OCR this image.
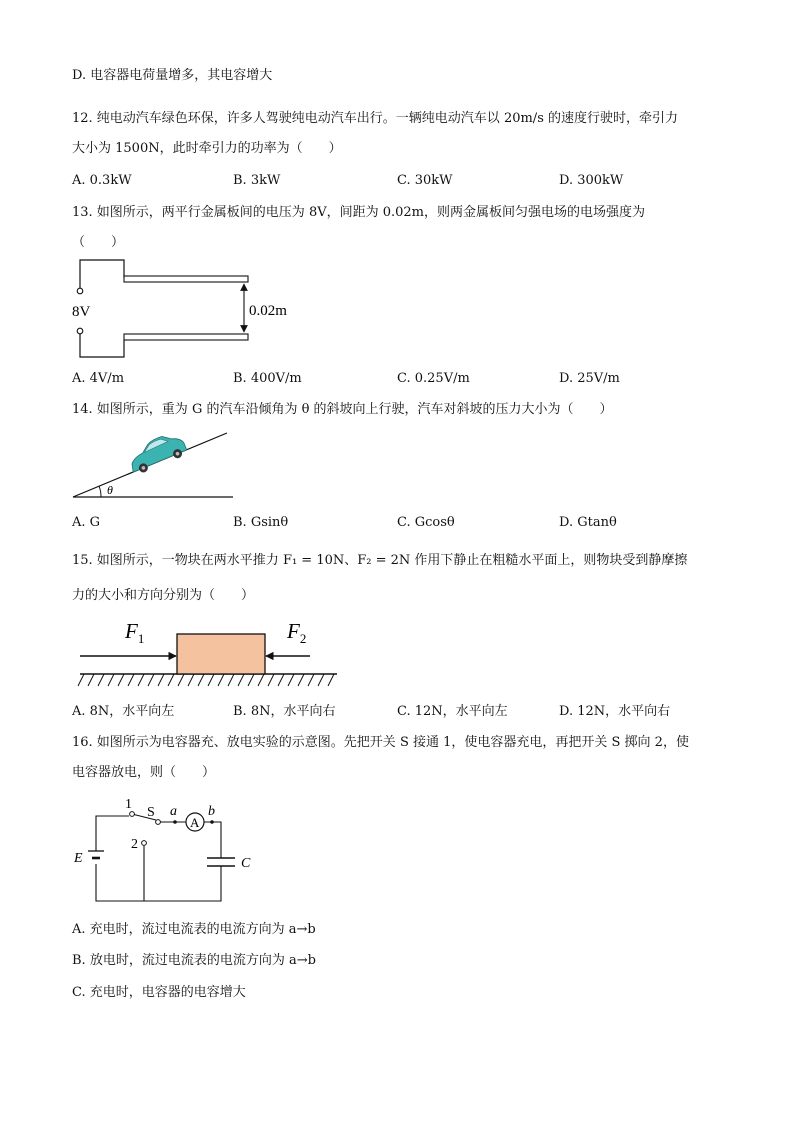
D. 电容器电荷量增多，其电容增大
12. 纯电动汽车绿色环保，许多人驾驶纯电动汽车出行。一辆纯电动汽车以 20m/s 的速度行驶时，牵引力
大小为 1500N，此时牵引力的功率为（　　）
A. 0.3kW	B. 3kW	C. 30kW	D. 300kW
13. 如图所示，两平行金属板间的电压为 8V，间距为 0.02m，则两金属板间匀强电场的电场强度为
（　　）
8V	0.02m
A. 4V/m	B. 400V/m	C. 0.25V/m	D. 25V/m
14. 如图所示，重为 G 的汽车沿倾角为 θ 的斜坡向上行驶，汽车对斜坡的压力大小为（　　）
θ
A. G	B. Gsinθ	C. Gcosθ	D. Gtanθ
15. 如图所示，一物块在两水平推力 F₁ = 10N、F₂ = 2N 作用下静止在粗糙水平面上，则物块受到静摩擦
力的大小和方向分别为（　　）
$F_1$	$F_2$
A. 8N，水平向左	B. 8N，水平向右	C. 12N，水平向左	D. 12N，水平向右
16. 如图所示为电容器充、放电实验的示意图。先把开关 S 接通 1，使电容器充电，再把开关 S 掷向 2，使
电容器放电，则（　　）
A
1
2
S a b
E	C
A. 充电时，流过电流表的电流方向为 a→b
B. 放电时，流过电流表的电流方向为 a→b
C. 充电时，电容器的电容增大
